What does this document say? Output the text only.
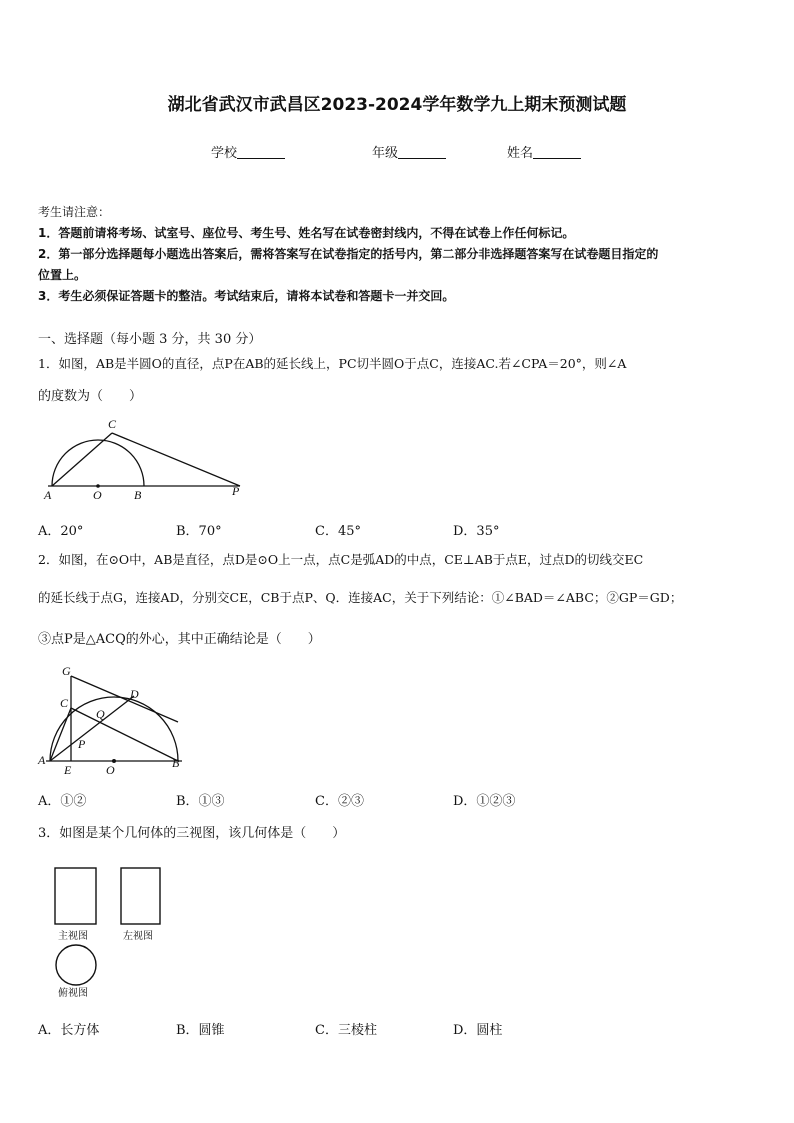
湖北省武汉市武昌区2023-2024学年数学九上期末预测试题
学校	年级	姓名
考生请注意：
1．答题前请将考场、试室号、座位号、考生号、姓名写在试卷密封线内，不得在试卷上作任何标记。
2．第一部分选择题每小题选出答案后，需将答案写在试卷指定的括号内，第二部分非选择题答案写在试卷题目指定的
位置上。
3．考生必须保证答题卡的整洁。考试结束后，请将本试卷和答题卡一并交回。
一、选择题（每小题 3 分，共 30 分）
1．如图，AB是半圆O的直径，点P在AB的延长线上，PC切半圆O于点C，连接AC.若∠CPA＝20°，则∠A
的度数为（　　）
C
A	O	B	P
A．20°	B．70°	C．45°	D．35°
2．如图，在⊙O中，AB是直径，点D是⊙O上一点，点C是弧AD的中点，CE⊥AB于点E，过点D的切线交EC
的延长线于点G，连接AD，分别交CE，CB于点P、Q．连接AC，关于下列结论：①∠BAD＝∠ABC；②GP＝GD；
③点P是△ACQ的外心，其中正确结论是（　　）
G
C
D
Q
P
A
E	O	B
A．①②	B．①③	C．②③	D．①②③
3．如图是某个几何体的三视图，该几何体是（　　）
主视图	左视图
俯视图
A．长方体	B．圆锥	C．三棱柱	D．圆柱
